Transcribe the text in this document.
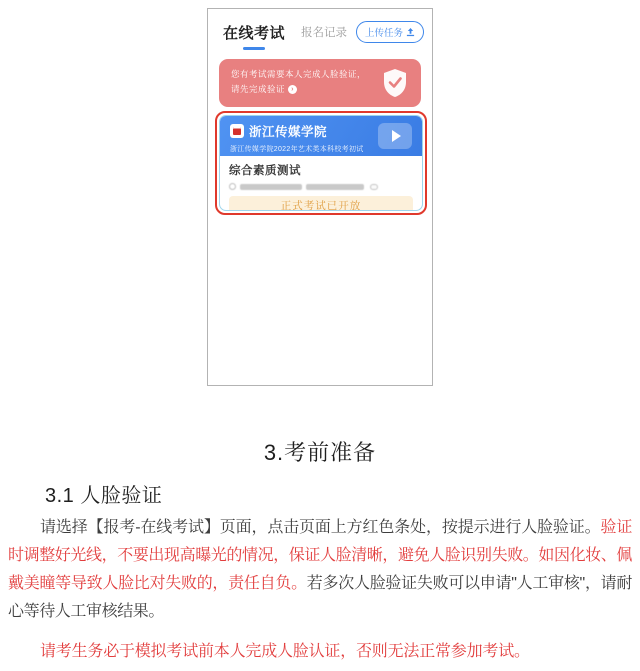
在线考试 报名记录 上传任务
您有考试需要本人完成人脸验证，
请先完成验证 ›
浙江传媒学院
浙江传媒学院2022年艺术类本科校考初试
综合素质测试
正式考试已开放
3.考前准备
3.1 人脸验证

请选择【报考-在线考试】页面，点击页面上方红色条处，按提示进行人脸验证。验证时调整好光线，不要出现高曝光的情况，保证人脸清晰，避免人脸识别失败。如因化妆、佩戴美瞳等导致人脸比对失败的，责任自负。若多次人脸验证失败可以申请"人工审核"，请耐心等待人工审核结果。

请考生务必于模拟考试前本人完成人脸认证，否则无法正常参加考试。
